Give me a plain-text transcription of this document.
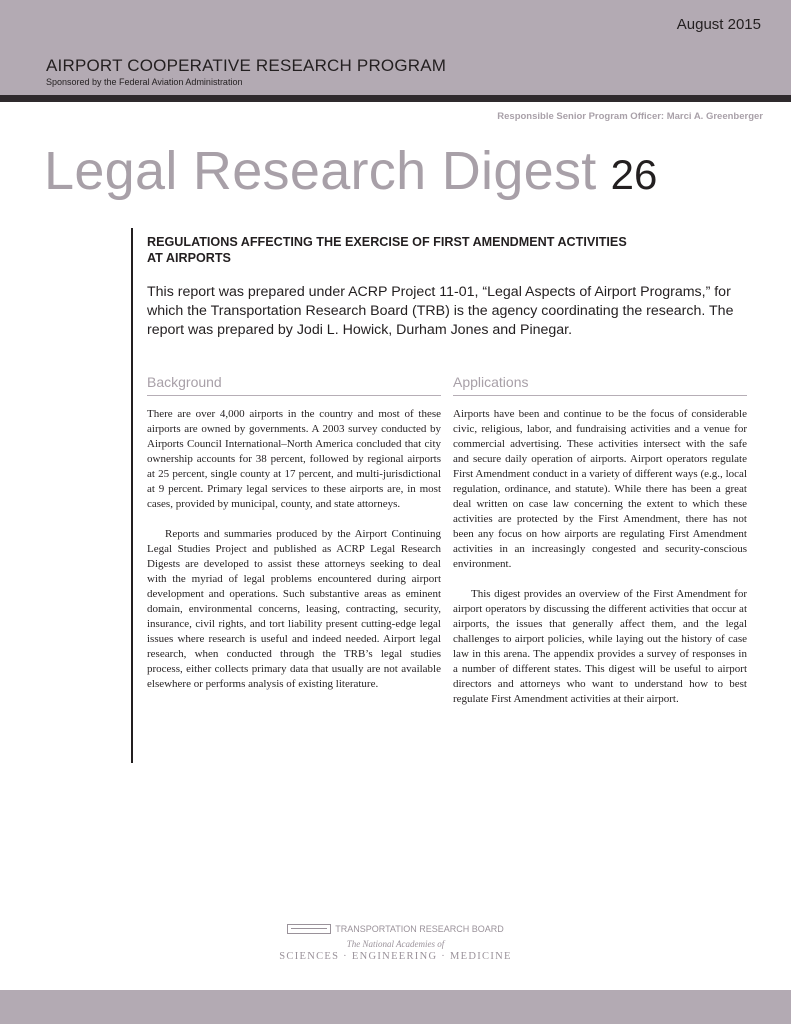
August 2015
AIRPORT COOPERATIVE RESEARCH PROGRAM
Sponsored by the Federal Aviation Administration
Responsible Senior Program Officer: Marci A. Greenberger
Legal Research Digest 26
REGULATIONS AFFECTING THE EXERCISE OF FIRST AMENDMENT ACTIVITIES
AT AIRPORTS
This report was prepared under ACRP Project 11-01, “Legal Aspects of Airport Programs,” for which the Transportation Research Board (TRB) is the agency coordinating the research. The report was prepared by Jodi L. Howick, Durham Jones and Pinegar.
Background

There are over 4,000 airports in the country and most of these airports are owned by governments. A 2003 survey conducted by Airports Council International–North America concluded that city ownership accounts for 38 percent, followed by regional airports at 25 percent, single county at 17 percent, and multi-jurisdictional at 9 percent. Primary legal services to these airports are, in most cases, provided by municipal, county, and state attorneys.

Reports and summaries produced by the Airport Continuing Legal Studies Project and published as ACRP Legal Research Digests are developed to assist these attorneys seeking to deal with the myriad of legal problems encountered during airport development and operations. Such substantive areas as eminent domain, environmental concerns, leasing, contracting, security, insurance, civil rights, and tort liability present cutting-edge legal issues where research is useful and indeed needed. Airport legal research, when conducted through the TRB’s legal studies process, either collects primary data that usually are not available elsewhere or performs analysis of existing literature.

Applications

Airports have been and continue to be the focus of considerable civic, religious, labor, and fundraising activities and a venue for commercial advertising. These activities intersect with the safe and secure daily operation of airports. Airport operators regulate First Amendment conduct in a variety of different ways (e.g., local regulation, ordinance, and statute). While there has been a great deal written on case law concerning the extent to which these activities are protected by the First Amendment, there has not been any focus on how airports are regulating First Amendment activities in an increasingly congested and security-conscious environment.

This digest provides an overview of the First Amendment for airport operators by discussing the different activities that occur at airports, the issues that generally affect them, and the legal challenges to airport policies, while laying out the history of case law in this arena. The appendix provides a survey of responses in a number of different states. This digest will be useful to airport directors and attorneys who want to understand how to best regulate First Amendment activities at their airport.

TRANSPORTATION RESEARCH BOARD
The National Academies of
SCIENCES · ENGINEERING · MEDICINE
